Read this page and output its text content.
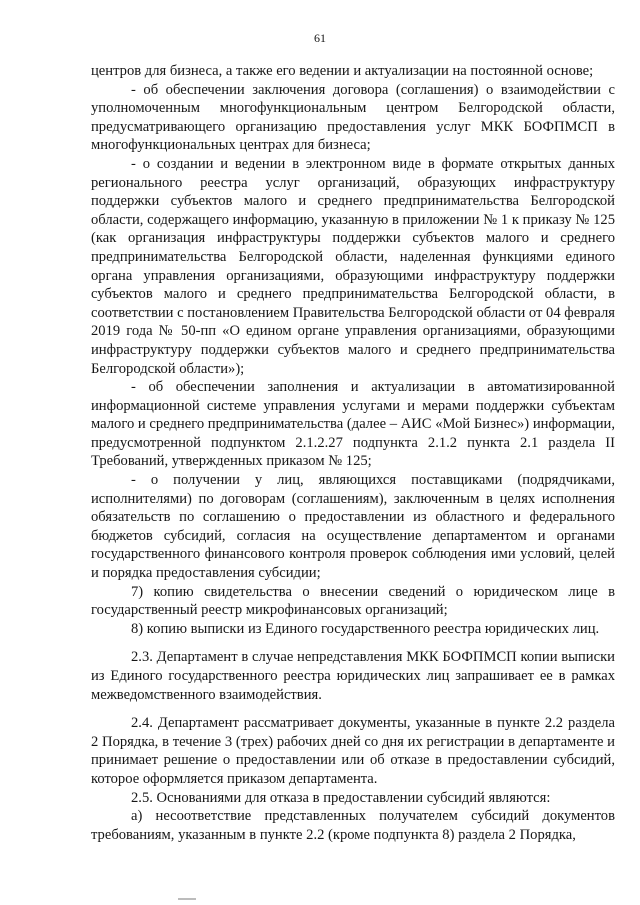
61

центров для бизнеса, а также его ведении и актуализации на постоянной основе;

- об обеспечении заключения договора (соглашения) о взаимодействии с уполномоченным многофункциональным центром Белгородской области, предусматривающего организацию предоставления услуг МКК БОФПМСП в многофункциональных центрах для бизнеса;

- о создании и ведении в электронном виде в формате открытых данных регионального реестра услуг организаций, образующих инфраструктуру поддержки субъектов малого и среднего предпринимательства Белгородской области, содержащего информацию, указанную в приложении № 1 к приказу № 125 (как организация инфраструктуры поддержки субъектов малого и среднего предпринимательства Белгородской области, наделенная функциями единого органа управления организациями, образующими инфраструктуру поддержки субъектов малого и среднего предпринимательства Белгородской области, в соответствии с постановлением Правительства Белгородской области от 04 февраля 2019 года № 50-пп «О едином органе управления организациями, образующими инфраструктуру поддержки субъектов малого и среднего предпринимательства Белгородской области»);

- об обеспечении заполнения и актуализации в автоматизированной информационной системе управления услугами и мерами поддержки субъектам малого и среднего предпринимательства (далее – АИС «Мой Бизнес») информации, предусмотренной подпунктом 2.1.2.27 подпункта 2.1.2 пункта 2.1 раздела II Требований, утвержденных приказом № 125;

- о получении у лиц, являющихся поставщиками (подрядчиками, исполнителями) по договорам (соглашениям), заключенным в целях исполнения обязательств по соглашению о предоставлении из областного и федерального бюджетов субсидий, согласия на осуществление департаментом и органами государственного финансового контроля проверок соблюдения ими условий, целей и порядка предоставления субсидии;

7) копию свидетельства о внесении сведений о юридическом лице в государственный реестр микрофинансовых организаций;

8) копию выписки из Единого государственного реестра юридических лиц.

2.3. Департамент в случае непредставления МКК БОФПМСП копии выписки из Единого государственного реестра юридических лиц запрашивает ее в рамках межведомственного взаимодействия.

2.4. Департамент рассматривает документы, указанные в пункте 2.2 раздела 2 Порядка, в течение 3 (трех) рабочих дней со дня их регистрации в департаменте и принимает решение о предоставлении или об отказе в предоставлении субсидий, которое оформляется приказом департамента.

2.5. Основаниями для отказа в предоставлении субсидий являются:

а) несоответствие представленных получателем субсидий документов требованиям, указанным в пункте 2.2 (кроме подпункта 8) раздела 2 Порядка,
